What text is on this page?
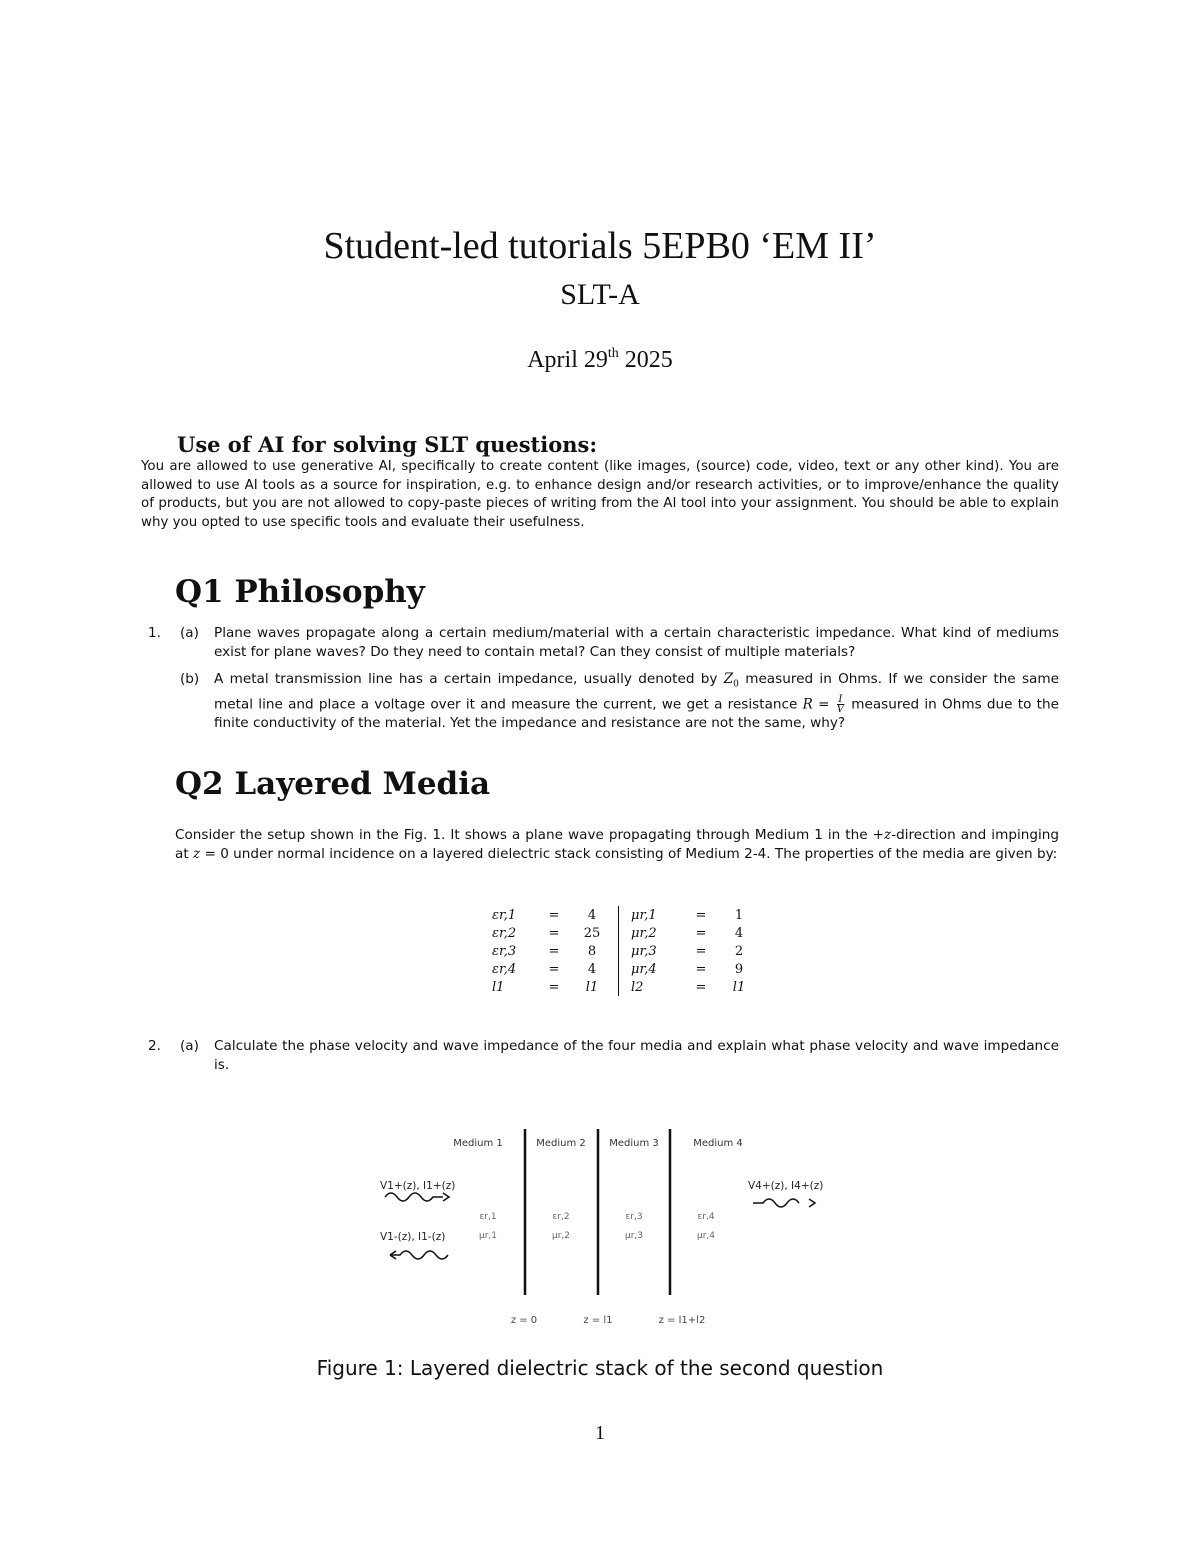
Student-led tutorials 5EPB0 ‘EM II’
SLT-A
April 29th 2025
Use of AI for solving SLT questions:
You are allowed to use generative AI, specifically to create content (like images, (source) code, video, text or any other kind). You are allowed to use AI tools as a source for inspiration, e.g. to enhance design and/or research activities, or to improve/enhance the quality of products, but you are not allowed to copy-paste pieces of writing from the AI tool into your assignment. You should be able to explain why you opted to use specific tools and evaluate their usefulness.
Q1 Philosophy
1. (a) Plane waves propagate along a certain medium/material with a certain characteristic impedance. What kind of mediums exist for plane waves? Do they need to contain metal? Can they consist of multiple materials?
(b) A metal transmission line has a certain impedance, usually denoted by $Z_0$ measured in Ohms. If we consider the same metal line and place a voltage over it and measure the current, we get a resistance $R = \frac{I}{V}$ measured in Ohms due to the finite conductivity of the material. Yet the impedance and resistance are not the same, why?
Q2 Layered Media
Consider the setup shown in the Fig. 1. It shows a plane wave propagating through Medium 1 in the +z-direction and impinging at z = 0 under normal incidence on a layered dielectric stack consisting of Medium 2-4. The properties of the media are given by:
εr,1	=	4		μr,1	=	1
εr,2	=	25		μr,2	=	4
εr,3	=	8		μr,3	=	2
εr,4	=	4		μr,4	=	9
l1	=	l1		l2	=	l1
2. (a) Calculate the phase velocity and wave impedance of the four media and explain what phase velocity and wave impedance is.
Medium 1	Medium 2 Medium 3	Medium 4
V1+(z), I1+(z)
V1-(z), I1-(z)
V4+(z), I4+(z)
εr,1
μr,1
εr,2
μr,2
εr,3
μr,3
εr,4
μr,4
z = 0	z = l1	z = l1+l2
Figure 1: Layered dielectric stack of the second question
1
